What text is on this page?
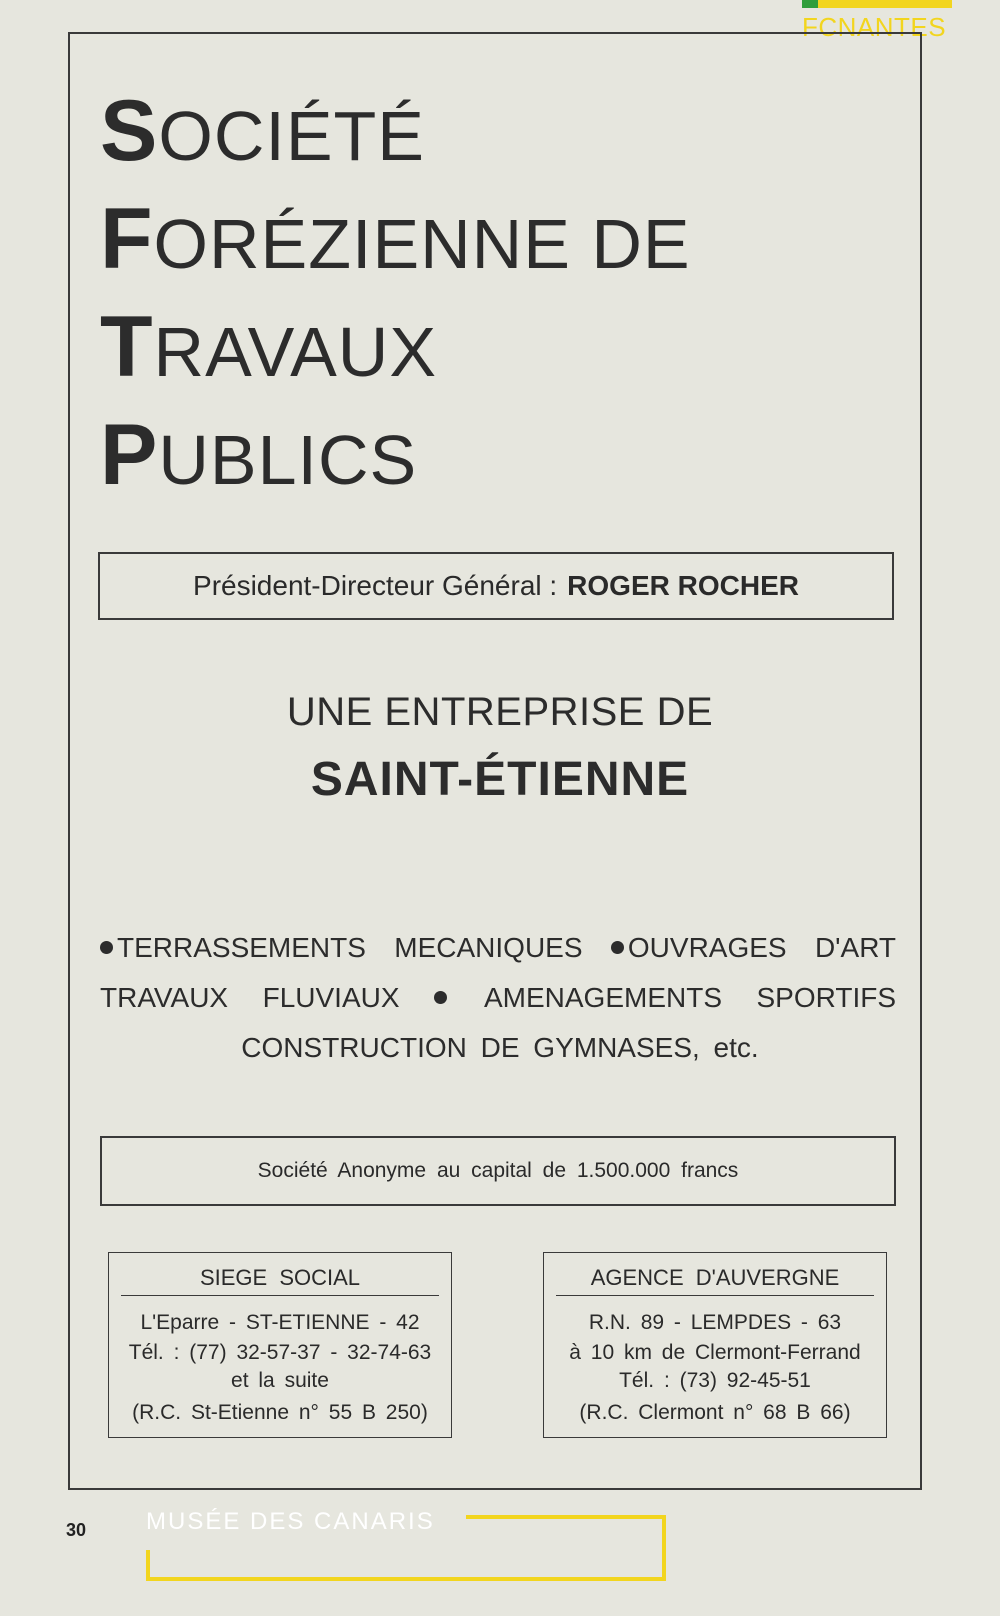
FCNANTES
SOCIÉTÉ
FORÉZIENNE DE
TRAVAUX
PUBLICS
Président-Directeur Général : ROGER ROCHER
UNE ENTREPRISE DE
SAINT-ÉTIENNE
TERRASSEMENTS MECANIQUES OUVRAGES D'ART
TRAVAUX FLUVIAUX	AMENAGEMENTS SPORTIFS
CONSTRUCTION DE GYMNASES, etc.
Société Anonyme au capital de 1.500.000 francs
SIEGE SOCIAL
L'Eparre - ST-ETIENNE - 42
Tél. : (77) 32-57-37 - 32-74-63
et la suite
(R.C. St-Etienne n° 55 B 250)
AGENCE D'AUVERGNE
R.N. 89 - LEMPDES - 63
à 10 km de Clermont-Ferrand
Tél. : (73) 92-45-51
(R.C. Clermont n° 68 B 66)
30 MUSÉE DES CANARIS
